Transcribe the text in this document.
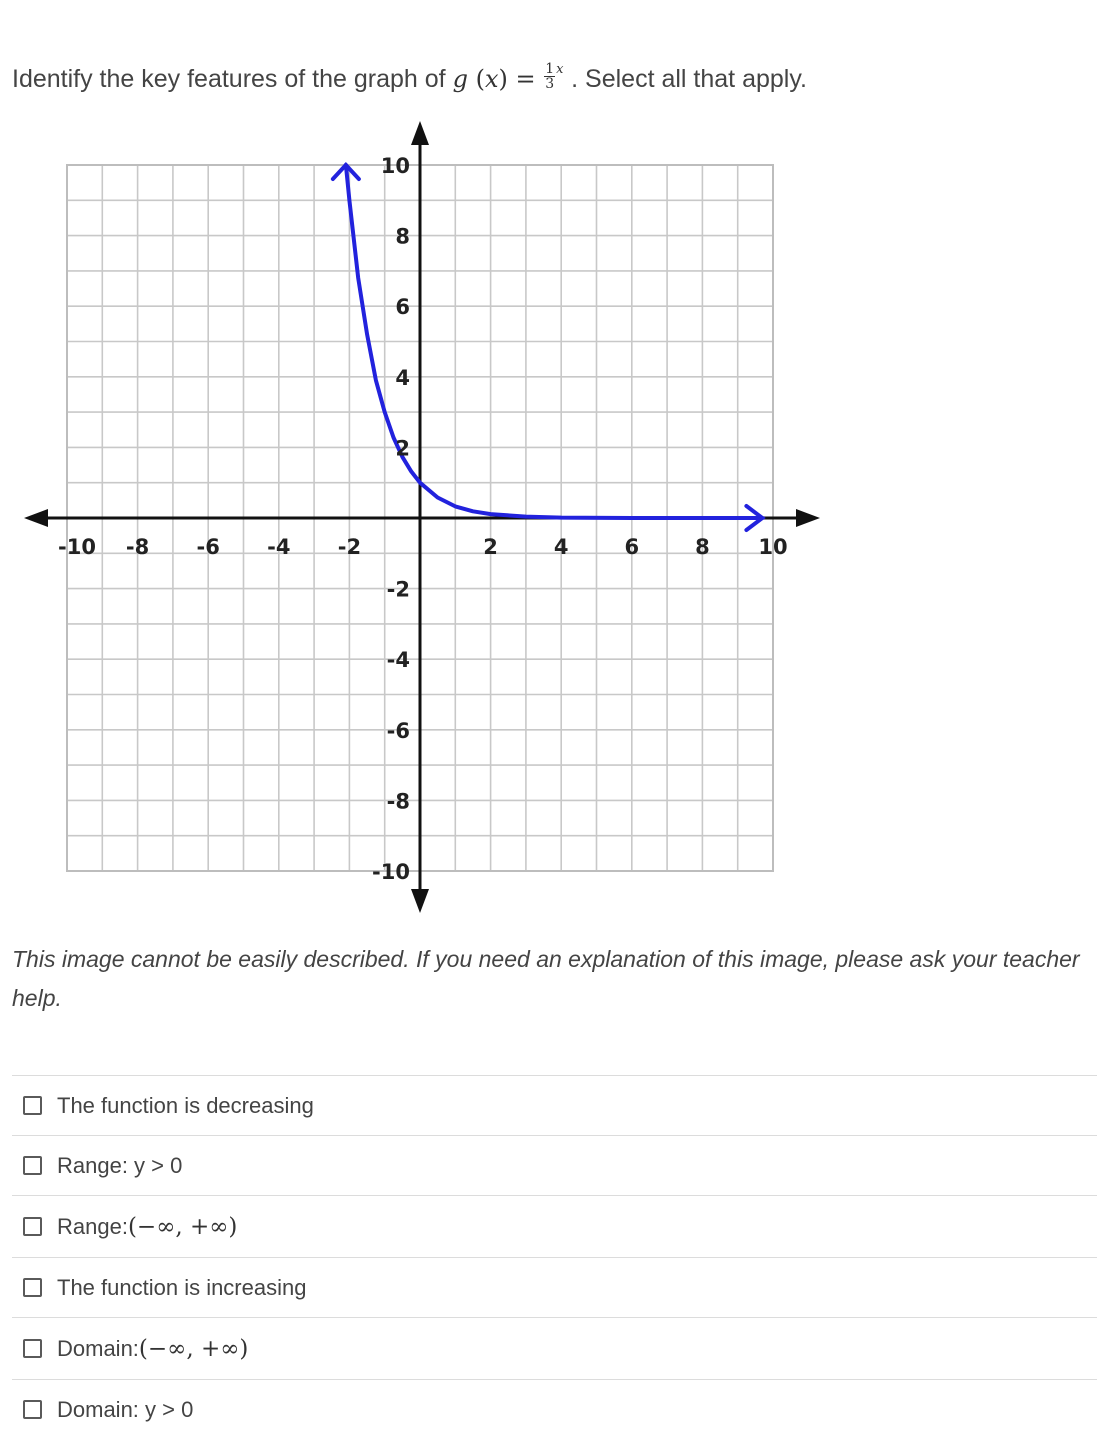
Identify the key features of the graph of g $(x) = \frac{1}{3} ^x$ . Select all that apply.
-10 -8 -6 -4 -2	2	4	6	8 10
10
8
6
4
2
-2
-4
-6
-8
-10
This image cannot be easily described. If you need an explanation of this image, please ask your teacher
help.
The function is decreasing
Range: y > 0
Range: (−∞, +∞)
The function is increasing
Domain: (−∞, +∞)
Domain: y > 0
